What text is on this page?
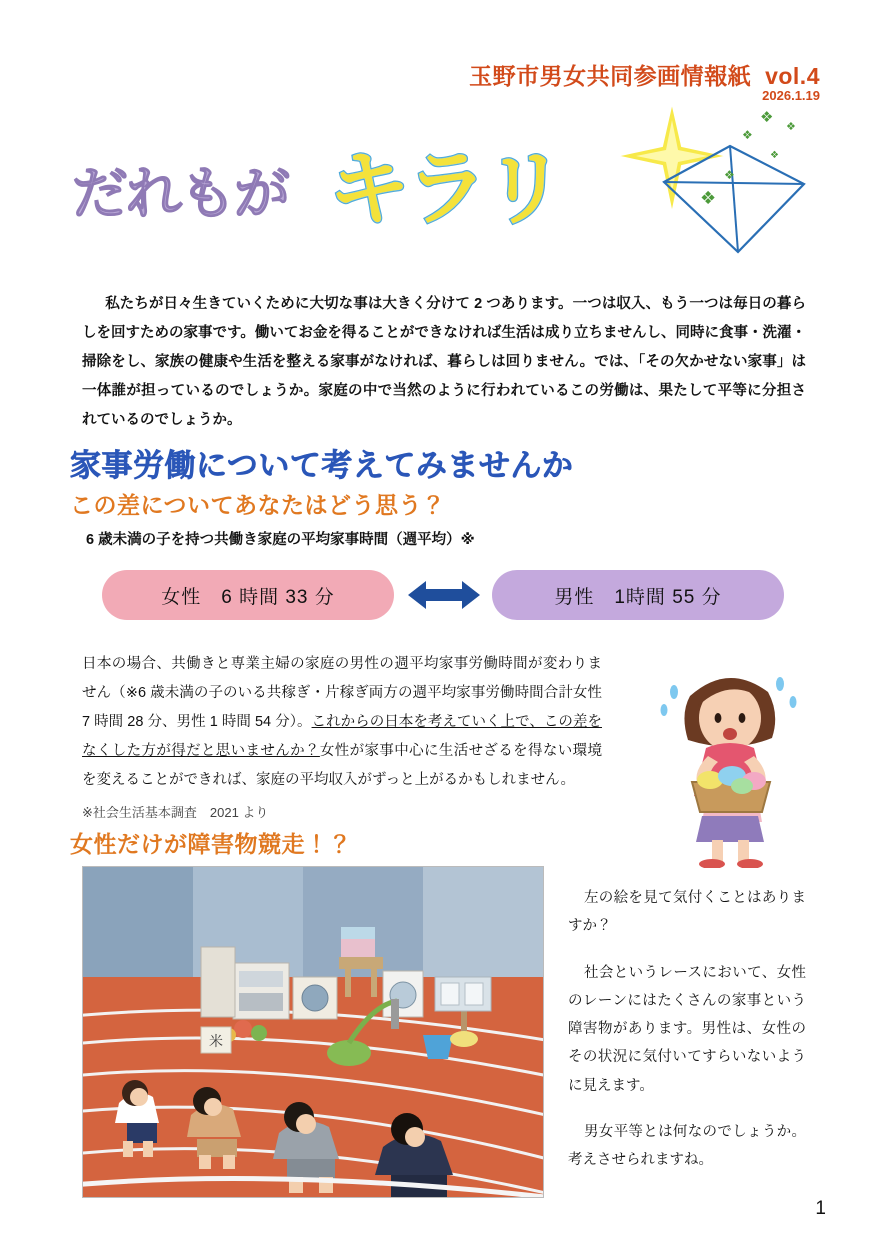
玉野市男女共同参画情報紙 vol.4
2026.1.19
だれもが キラリ
❖
❖
❖
❖
❖
❖
私たちが日々生きていくために大切な事は大きく分けて 2 つあります。一つは収入、もう一つは毎日の暮らしを回すための家事です。働いてお金を得ることができなければ生活は成り立ちませんし、同時に食事・洗濯・掃除をし、家族の健康や生活を整える家事がなければ、暮らしは回りません。では、「その欠かせない家事」は一体誰が担っているのでしょうか。家庭の中で当然のように行われているこの労働は、果たして平等に分担されているのでしょうか。
家事労働について考えてみませんか
この差についてあなたはどう思う？
6 歳未満の子を持つ共働き家庭の平均家事時間（週平均）※
女性　6 時間 33 分	男性　1時間 55 分
日本の場合、共働きと専業主婦の家庭の男性の週平均家事労働時間が変わりません（※6 歳未満の子のいる共稼ぎ・片稼ぎ両方の週平均家事労働時間合計女性 7 時間 28 分、男性 1 時間 54 分）。これからの日本を考えていく上で、この差をなくした方が得だと思いませんか？女性が家事中心に生活せざるを得ない環境を変えることができれば、家庭の平均収入がずっと上がるかもしれません。
※社会生活基本調査　2021 より
女性だけが障害物競走！？
米

左の絵を見て気付くことはありますか？

社会というレースにおいて、女性のレーンにはたくさんの家事という障害物があります。男性は、女性のその状況に気付いてすらいないように見えます。

男女平等とは何なのでしょうか。考えさせられますね。

1
